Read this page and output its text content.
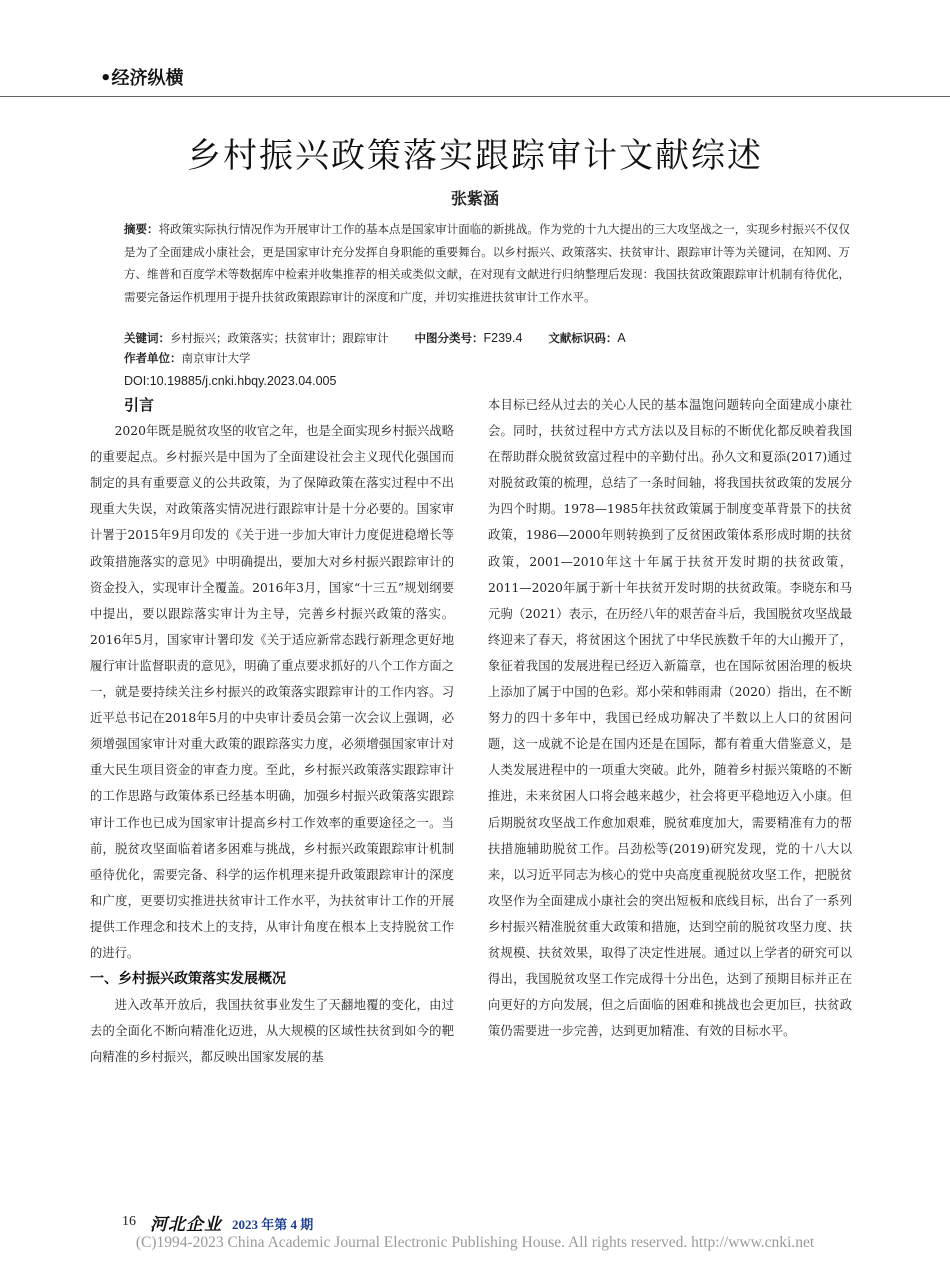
•经济纵横
乡村振兴政策落实跟踪审计文献综述
张紫涵
摘要：将政策实际执行情况作为开展审计工作的基本点是国家审计面临的新挑战。作为党的十九大提出的三大攻坚战之一，实现乡村振兴不仅仅是为了全面建成小康社会，更是国家审计充分发挥自身职能的重要舞台。以乡村振兴、政策落实、扶贫审计、跟踪审计等为关键词，在知网、万方、维普和百度学术等数据库中检索并收集推荐的相关或类似文献，在对现有文献进行归纳整理后发现：我国扶贫政策跟踪审计机制有待优化，需要完备运作机理用于提升扶贫政策跟踪审计的深度和广度，并切实推进扶贫审计工作水平。
关键词：乡村振兴；政策落实；扶贫审计；跟踪审计 中图分类号：F239.4 文献标识码：A
作者单位：南京审计大学
DOI:10.19885/j.cnki.hbqy.2023.04.005
引言

2020年既是脱贫攻坚的收官之年，也是全面实现乡村振兴战略的重要起点。乡村振兴是中国为了全面建设社会主义现代化强国而制定的具有重要意义的公共政策，为了保障政策在落实过程中不出现重大失误，对政策落实情况进行跟踪审计是十分必要的。国家审计署于2015年9月印发的《关于进一步加大审计力度促进稳增长等政策措施落实的意见》中明确提出，要加大对乡村振兴跟踪审计的资金投入，实现审计全覆盖。2016年3月，国家“十三五”规划纲要中提出，要以跟踪落实审计为主导，完善乡村振兴政策的落实。2016年5月，国家审计署印发《关于适应新常态践行新理念更好地履行审计监督职责的意见》，明确了重点要求抓好的八个工作方面之一，就是要持续关注乡村振兴的政策落实跟踪审计的工作内容。习近平总书记在2018年5月的中央审计委员会第一次会议上强调，必须增强国家审计对重大政策的跟踪落实力度，必须增强国家审计对重大民生项目资金的审查力度。至此，乡村振兴政策落实跟踪审计的工作思路与政策体系已经基本明确，加强乡村振兴政策落实跟踪审计工作也已成为国家审计提高乡村工作效率的重要途径之一。当前，脱贫攻坚面临着诸多困难与挑战，乡村振兴政策跟踪审计机制亟待优化，需要完备、科学的运作机理来提升政策跟踪审计的深度和广度，更要切实推进扶贫审计工作水平，为扶贫审计工作的开展提供工作理念和技术上的支持，从审计角度在根本上支持脱贫工作的进行。

一、乡村振兴政策落实发展概况

进入改革开放后，我国扶贫事业发生了天翻地覆的变化，由过去的全面化不断向精准化迈进，从大规模的区域性扶贫到如今的靶向精准的乡村振兴，都反映出国家发展的基

本目标已经从过去的关心人民的基本温饱问题转向全面建成小康社会。同时，扶贫过程中方式方法以及目标的不断优化都反映着我国在帮助群众脱贫致富过程中的辛勤付出。孙久文和夏添(2017)通过对脱贫政策的梳理，总结了一条时间轴，将我国扶贫政策的发展分为四个时期。1978—1985年扶贫政策属于制度变革背景下的扶贫政策，1986—2000年则转换到了反贫困政策体系形成时期的扶贫政策，2001—2010年这十年属于扶贫开发时期的扶贫政策，2011—2020年属于新十年扶贫开发时期的扶贫政策。李晓东和马元驹（2021）表示，在历经八年的艰苦奋斗后，我国脱贫攻坚战最终迎来了春天，将贫困这个困扰了中华民族数千年的大山搬开了，象征着我国的发展进程已经迈入新篇章，也在国际贫困治理的板块上添加了属于中国的色彩。郑小荣和韩雨肃（2020）指出，在不断努力的四十多年中，我国已经成功解决了半数以上人口的贫困问题，这一成就不论是在国内还是在国际，都有着重大借鉴意义，是人类发展进程中的一项重大突破。此外，随着乡村振兴策略的不断推进，未来贫困人口将会越来越少，社会将更平稳地迈入小康。但后期脱贫攻坚战工作愈加艰难，脱贫难度加大，需要精准有力的帮扶措施辅助脱贫工作。吕劲松等(2019)研究发现，党的十八大以来，以习近平同志为核心的党中央高度重视脱贫攻坚工作，把脱贫攻坚作为全面建成小康社会的突出短板和底线目标，出台了一系列乡村振兴精准脱贫重大政策和措施，达到空前的脱贫攻坚力度、扶贫规模、扶贫效果，取得了决定性进展。通过以上学者的研究可以得出，我国脱贫攻坚工作完成得十分出色，达到了预期目标并正在向更好的方向发展，但之后面临的困难和挑战也会更加巨，扶贫政策仍需要进一步完善，达到更加精准、有效的目标水平。

16 河北企业 2023 年第 4 期
(C)1994-2023 China Academic Journal Electronic Publishing House. All rights reserved. http://www.cnki.net
